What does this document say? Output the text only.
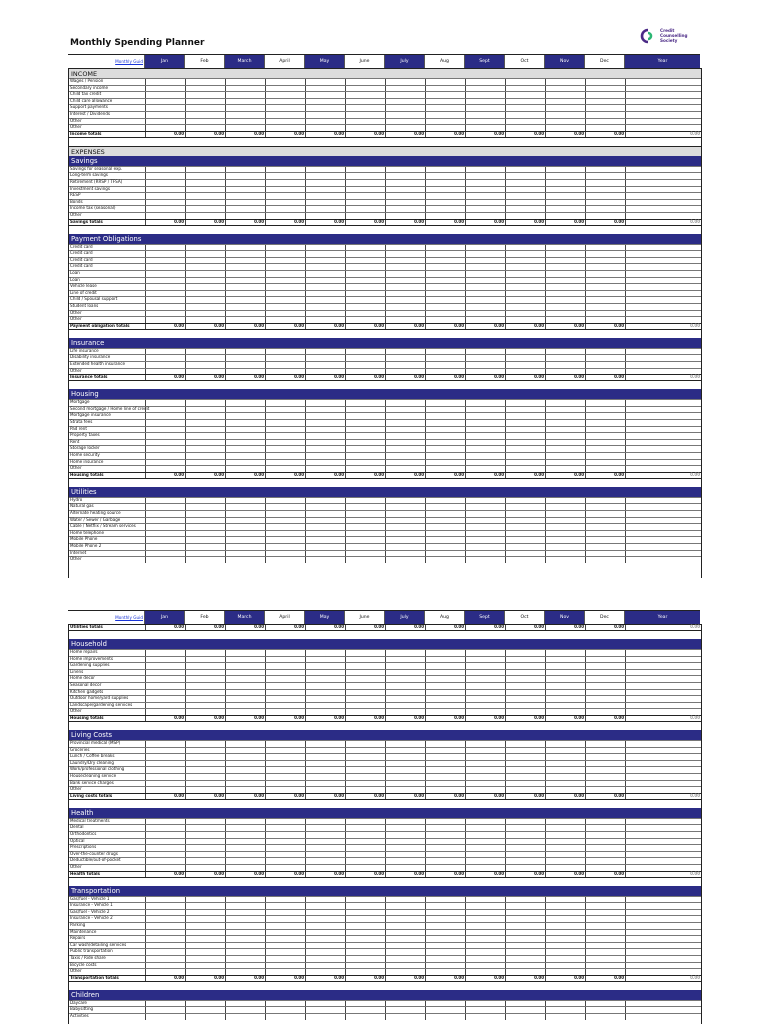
Monthly Spending Planner
Credit
Counselling
Society
Monthly Guid	Jan	Feb	March	April	May	June	July	Aug	Sept	Oct	Nov	Dec	Year
INCOME
Wages / Pension
Secondary income
Child tax credit
Child care allowance
Support payments
Interest / Dividends
Other
Other
Income totals	0.00	0.00	0.00	0.00	0.00	0.00	0.00	0.00	0.00	0.00	0.00	0.00	0.00
EXPENSES
Savings
Savings for seasonal exp.
Long-term savings
Retirement (RRSP / TFSA)
Investment savings
RESP
Bonds
Income tax (seasonal)
Other
Savings totals	0.00	0.00	0.00	0.00	0.00	0.00	0.00	0.00	0.00	0.00	0.00	0.00	0.00
Payment Obligations
Credit card
Credit card
Credit card
Credit card
Loan
Loan
Vehicle lease
Line of credit
Child / Spousal support
Student loans
Other
Other
Payment obligation totals	0.00	0.00	0.00	0.00	0.00	0.00	0.00	0.00	0.00	0.00	0.00	0.00	0.00
Insurance
Life insurance
Disability insurance
Extended health insurance
Other
Insurance totals	0.00	0.00	0.00	0.00	0.00	0.00	0.00	0.00	0.00	0.00	0.00	0.00	0.00
Housing
Mortgage
Second mortgage / Home line of credit
Mortgage insurance
Strata fees
Pad rent
Property taxes
Rent
Storage locker
Home security
Home insurance
Other
Housing totals	0.00	0.00	0.00	0.00	0.00	0.00	0.00	0.00	0.00	0.00	0.00	0.00	0.00
Utilities
Hydro
Natural gas
Alternate heating source
Water / Sewer / Garbage
Cable / Netflix / Stream services
Home telephone
Mobile Phone
Mobile Phone 2
Internet
Other
Monthly Guid	Jan	Feb	March	April	May	June	July	Aug	Sept	Oct	Nov	Dec	Year
Utilities totals	0.00	0.00	0.00	0.00	0.00	0.00	0.00	0.00	0.00	0.00	0.00	0.00	0.00
Household
Home repairs
Home improvements
Gardening supplies
Linens
Home decor
Seasonal decor
Kitchen gadgets
Outdoor home/yard supplies
Landscape/gardening services
Other
Housing totals	0.00	0.00	0.00	0.00	0.00	0.00	0.00	0.00	0.00	0.00	0.00	0.00	0.00
Living Costs
Provincial medical (MSP)
Groceries
Lunch / Coffee breaks
Laundry/Dry cleaning
Work/professional clothing
Housecleaning service
Bank service charges
Other
Living costs totals	0.00	0.00	0.00	0.00	0.00	0.00	0.00	0.00	0.00	0.00	0.00	0.00	0.00
Health
Medical treatments
Dental
Orthodontics
Optical
Prescriptions
Over-the-counter drugs
Deductible/out-of-pocket
Other
Health totals	0.00	0.00	0.00	0.00	0.00	0.00	0.00	0.00	0.00	0.00	0.00	0.00	0.00
Transportation
Gas/fuel - Vehicle 1
Insurance - Vehicle 1
Gas/fuel - Vehicle 2
Insurance - Vehicle 2
Parking
Maintenance
Repairs
Car wash/detailing services
Public transportation
Taxis / Ride share
Bicycle costs
Other
Transportation totals	0.00	0.00	0.00	0.00	0.00	0.00	0.00	0.00	0.00	0.00	0.00	0.00	0.00
Children
Daycare
Babysitting
Activities
